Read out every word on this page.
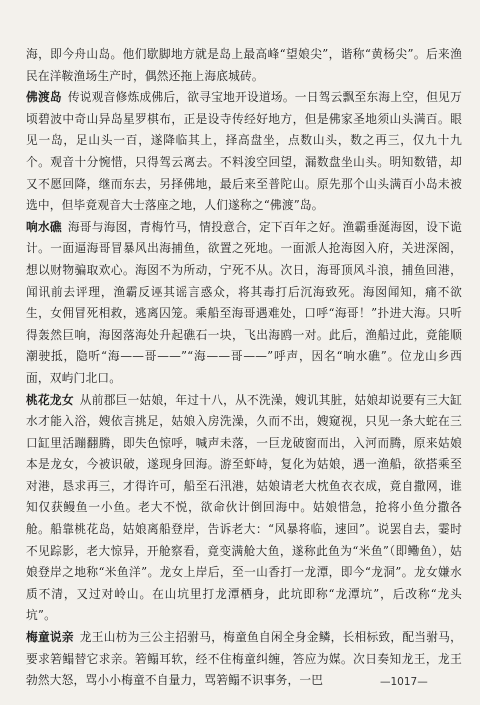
海，即今舟山岛。他们歇脚地方就是岛上最高峰“望娘尖”，谐称“黄杨尖”。后来渔民在洋鞍渔场生产时，偶然还拖上海底城砖。

佛渡岛 传说观音修炼成佛后，欲寻宝地开设道场。一日驾云飘至东海上空，但见万顷碧波中奇山异岛星罗棋布，正是设寺传经好地方，但是佛家圣地须山头满百。眼见一岛，足山头一百，遂降临其上，择高盘坐，点数山头，数之再三，仅九十九个。观音十分惋惜，只得驾云离去。不料浚空回望，漏数盘坐山头。明知数错，却又不愿回降，继而东去，另择佛地，最后来至普陀山。原先那个山头满百小岛未被选中，但毕竟观音大士落座之地，人们遂称之“佛渡”岛。

响水礁 海哥与海囡，青梅竹马，情投意合，定下百年之好。渔霸垂涎海囡，设下诡计。一面逼海哥冒暴风出海捕鱼，欲置之死地。一面派人抢海囡入府，关进深阁，想以财物骗取欢心。海囡不为所动，宁死不从。次日，海哥顶风斗浪，捕鱼回港，闻讯前去评理，渔霸反诬其谣言惑众，将其毒打后沉海致死。海囡闻知，痛不欲生，女佣冒死相救，逃离囚笼。乘船至海哥遇难处，口呼“海哥！”扑进大海。只听得轰然巨响，海囡落海处升起礁石一块，飞出海鸥一对。此后，渔船过此，竟能顺潮驶抵，隐听“海——哥——”“海——哥——”呼声，因名“响水礁”。位龙山乡西面，双屿门北口。

桃花龙女 从前郡巨一姑娘，年过十八，从不洗澡，嫂讥其脏，姑娘却说要有三大缸水才能入浴，嫂依言挑足，姑娘入房洗澡，久而不出，嫂窥视，只见一条大蛇在三口缸里活蹦翻腾，即失色惊呼，喊声未落，一巨龙破窗而出，入河而腾，原来姑娘本是龙女，今被识破，遂现身回海。游至虾峙，复化为姑娘，遇一渔船，欲搭乘至对港，恳求再三，才得许可，船至石汛港，姑娘请老大枕鱼衣衣成，竟自撒网，谁知仅获鳗鱼一小鱼。老大不悦，欲命伙计倒回海中。姑娘惜急，抢将小鱼分撒各舱。船靠桃花岛，姑娘离船登岸，告诉老大：“风暴将临，速回”。说罢自去，霎时不见踪影，老大惊异，开舱察看，竟变满舱大鱼，遂称此鱼为“米鱼”（即鳓鱼），姑娘登岸之地称“米鱼洋”。龙女上岸后，至一山香打一龙潭，即今“龙洞”。龙女嫌水质不清，又过对岭山。在山坑里打龙潭栖身，此坑即称“龙潭坑”，后改称“龙头坑”。

梅童说亲 龙王山枋为三公主招驸马，梅童鱼自闲全身金鳞，长相标致，配当驸马，要求箬鳎替它求亲。箬鳎耳软，经不住梅童纠缠，答应为媒。次日奏知龙王，龙王勃然大怒，骂小小梅童不自量力，骂箬鳎不识事务，一巴	—1017—
